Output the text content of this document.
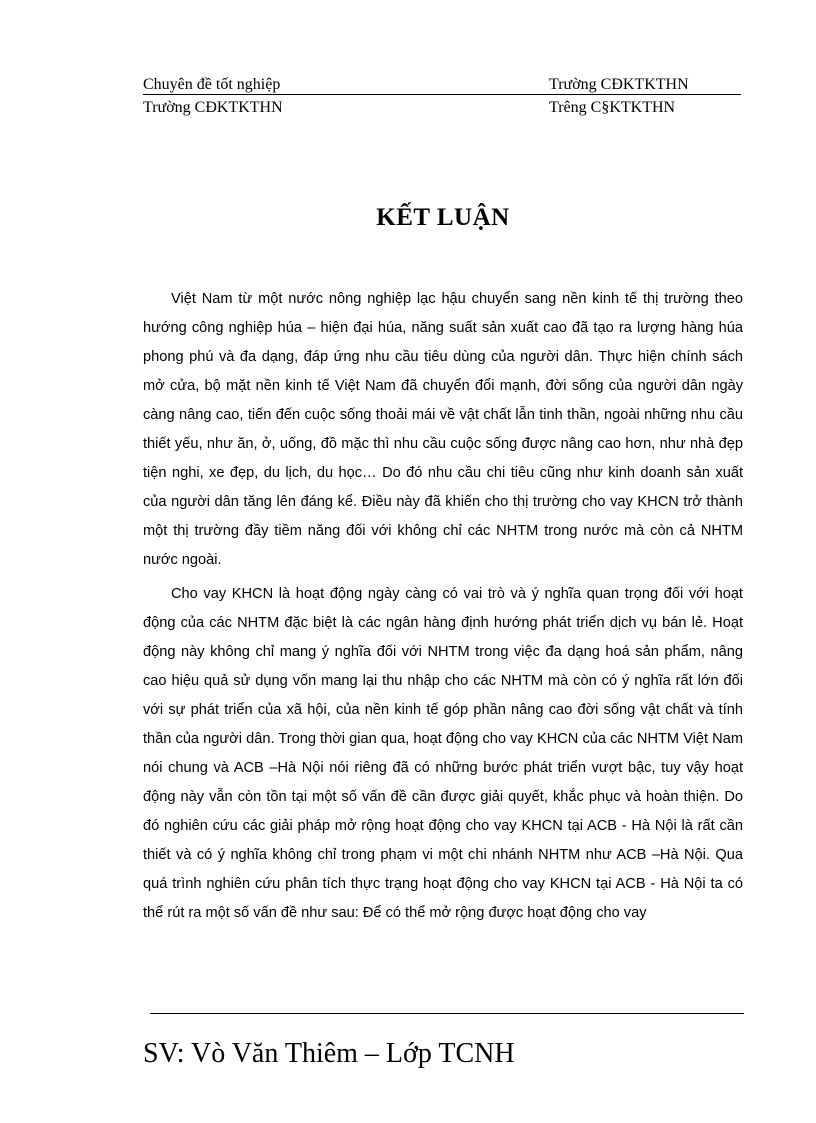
Chuyên đề tốt nghiệp	Trường CĐKTKTHN
Trường CĐKTKTHN	Trêng C§KTKTHN
KẾT LUẬN

Việt Nam từ một nước nông nghiệp lạc hậu chuyển sang nền kinh tế thị trường theo hướng công nghiệp húa – hiện đại húa, năng suất sản xuất cao đã tạo ra lượng hàng húa phong phú và đa dạng, đáp ứng nhu cầu tiêu dùng của người dân. Thực hiện chính sách mở cửa, bộ mặt nền kinh tế Việt Nam đã chuyển đổi mạnh, đời sống của người dân ngày càng nâng cao, tiến đến cuộc sống thoải mái về vật chất lẫn tinh thần, ngoài những nhu cầu thiết yếu, như ăn, ở, uống, đồ mặc thì nhu cầu cuộc sống được nâng cao hơn, như nhà đẹp tiện nghi, xe đẹp, du lịch, du học… Do đó nhu cầu chi tiêu cũng như kinh doanh sản xuất của người dân tăng lên đáng kể. Điều này đã khiến cho thị trường cho vay KHCN trở thành một thị trường đầy tiềm năng đối với không chỉ các NHTM trong nước mà còn cả NHTM nước ngoài.

Cho vay KHCN là hoạt động ngày càng có vai trò và ý nghĩa quan trọng đối với hoạt động của các NHTM đặc biệt là các ngân hàng định hướng phát triển dịch vụ bán lẻ. Hoạt động này không chỉ mang ý nghĩa đối với NHTM trong việc đa dạng hoá sản phẩm, nâng cao hiệu quả sử dụng vốn mang lại thu nhập cho các NHTM mà còn có ý nghĩa rất lớn đối với sự phát triển của xã hội, của nền kinh tế góp phần nâng cao đời sống vật chất và tính thần của người dân. Trong thời gian qua, hoạt động cho vay KHCN của các NHTM Việt Nam nói chung và ACB –Hà Nội nói riêng đã có những bước phát triển vượt bậc, tuy vậy hoạt động này vẫn còn tồn tại một số vấn đề cần được giải quyết, khắc phục và hoàn thiện. Do đó nghiên cứu các giải pháp mở rộng hoạt động cho vay KHCN tại ACB - Hà Nội là rất cần thiết và có ý nghĩa không chỉ trong phạm vi một chi nhánh NHTM như ACB –Hà Nội. Qua quá trình nghiên cứu phân tích thực trạng hoạt động cho vay KHCN tại ACB - Hà Nội ta có thể rút ra một số vấn đề như sau: Để có thể mở rộng được hoạt động cho vay

SV: Vò Văn Thiêm – Lớp TCNH
